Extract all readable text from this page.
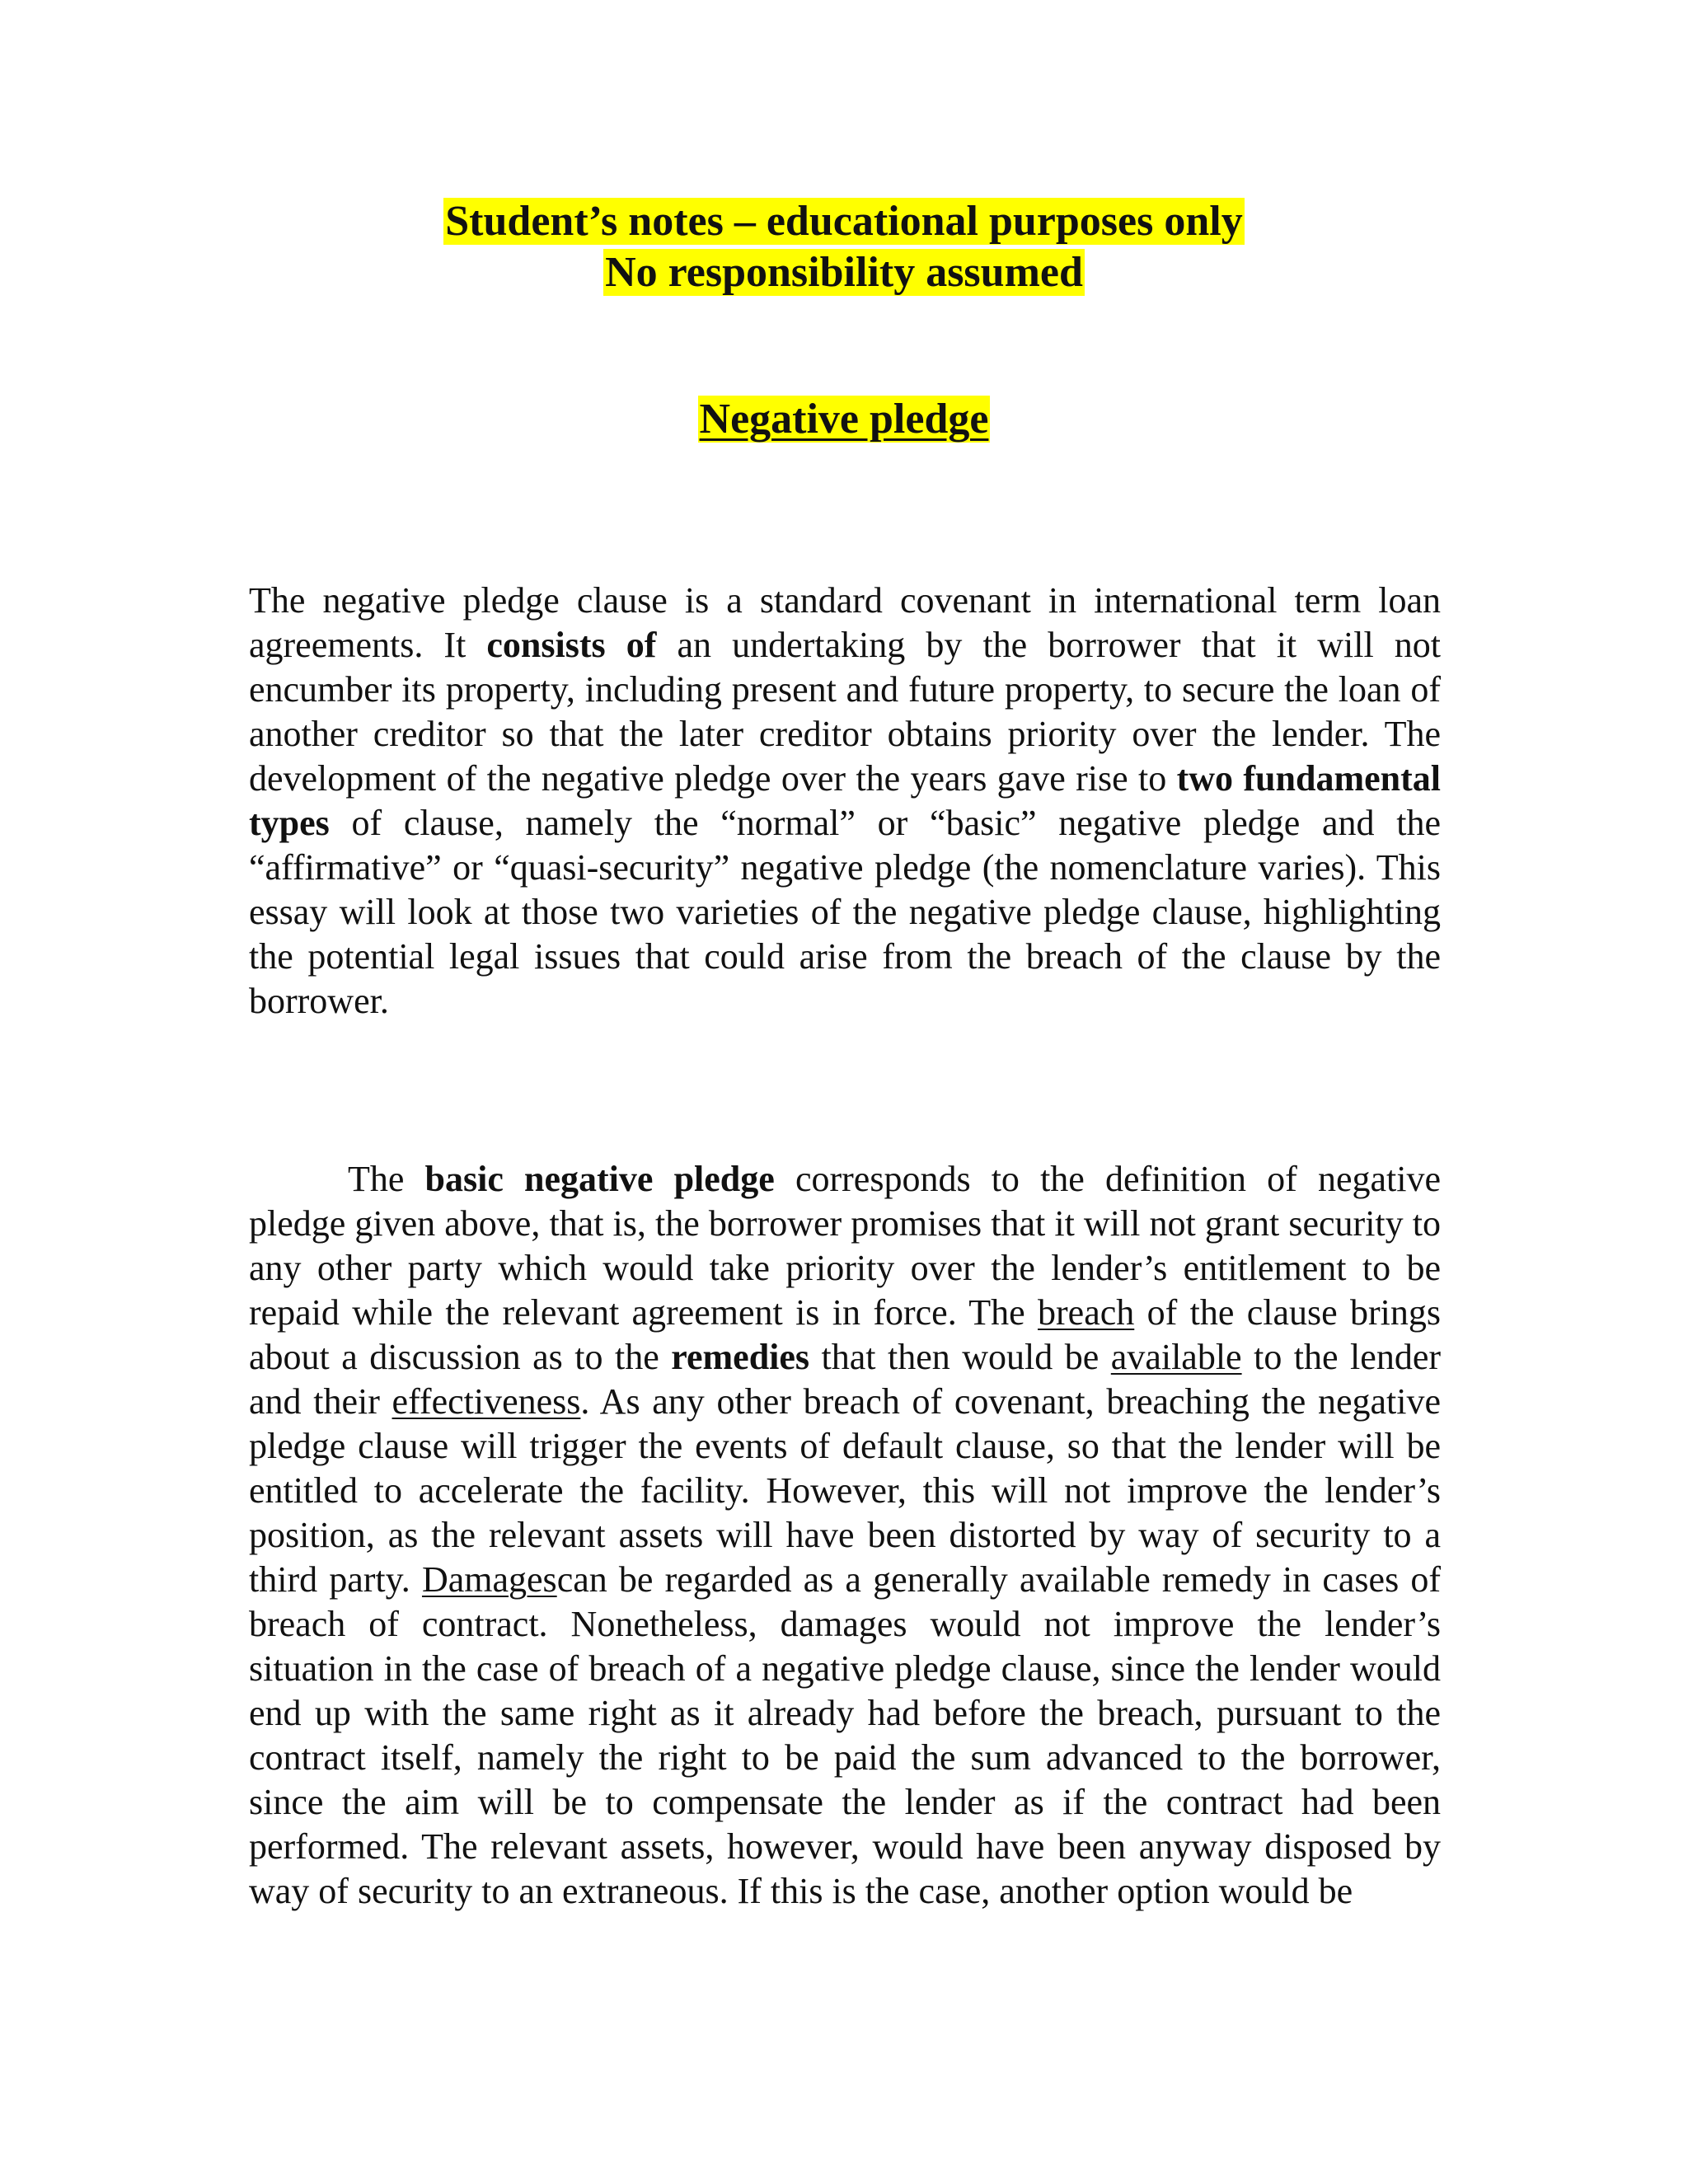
Student’s notes – educational purposes only
No responsibility assumed
Negative pledge

The negative pledge clause is a standard covenant in international term loan agreements. It consists of an undertaking by the borrower that it will not encumber its property, including present and future property, to secure the loan of another creditor so that the later creditor obtains priority over the lender. The development of the negative pledge over the years gave rise to two fundamental types of clause, namely the “normal” or “basic” negative pledge and the “affirmative” or “quasi-security” negative pledge (the nomenclature varies). This essay will look at those two varieties of the negative pledge clause, highlighting the potential legal issues that could arise from the breach of the clause by the borrower.

The basic negative pledge corresponds to the definition of negative pledge given above, that is, the borrower promises that it will not grant security to any other party which would take priority over the lender’s entitlement to be repaid while the relevant agreement is in force. The breach of the clause brings about a discussion as to the remedies that then would be available to the lender and their effectiveness. As any other breach of covenant, breaching the negative pledge clause will trigger the events of default clause, so that the lender will be entitled to accelerate the facility. However, this will not improve the lender’s position, as the relevant assets will have been distorted by way of security to a third party. Damagescan be regarded as a generally available remedy in cases of breach of contract. Nonetheless, damages would not improve the lender’s situation in the case of breach of a negative pledge clause, since the lender would end up with the same right as it already had before the breach, pursuant to the contract itself, namely the right to be paid the sum advanced to the borrower, since the aim will be to compensate the lender as if the contract had been performed. The relevant assets, however, would have been anyway disposed by way of security to an extraneous. If this is the case, another option would be
